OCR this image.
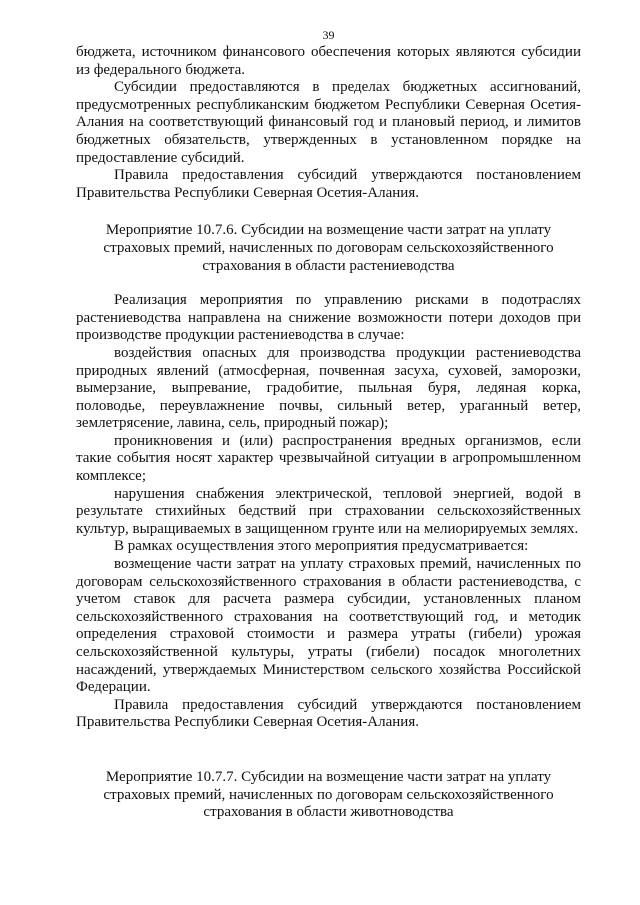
39

бюджета, источником финансового обеспечения которых являются субсидии из федерального бюджета.

Субсидии предоставляются в пределах бюджетных ассигнований, предусмотренных республиканским бюджетом Республики Северная Осетия-Алания на соответствующий финансовый год и плановый период, и лимитов бюджетных обязательств, утвержденных в установленном порядке на предоставление субсидий.

Правила предоставления субсидий утверждаются постановлением Правительства Республики Северная Осетия-Алания.

Мероприятие 10.7.6. Субсидии на возмещение части затрат на уплату страховых премий, начисленных по договорам сельскохозяйственного страхования в области растениеводства

Реализация мероприятия по управлению рисками в подотраслях растениеводства направлена на снижение возможности потери доходов при производстве продукции растениеводства в случае:

воздействия опасных для производства продукции растениеводства природных явлений (атмосферная, почвенная засуха, суховей, заморозки, вымерзание, выпревание, градобитие, пыльная буря, ледяная корка, половодье, переувлажнение почвы, сильный ветер, ураганный ветер, землетрясение, лавина, сель, природный пожар);

проникновения и (или) распространения вредных организмов, если такие события носят характер чрезвычайной ситуации в агропромышленном комплексе;

нарушения снабжения электрической, тепловой энергией, водой в результате стихийных бедствий при страховании сельскохозяйственных культур, выращиваемых в защищенном грунте или на мелиорируемых землях.

В рамках осуществления этого мероприятия предусматривается:

возмещение части затрат на уплату страховых премий, начисленных по договорам сельскохозяйственного страхования в области растениеводства, с учетом ставок для расчета размера субсидии, установленных планом сельскохозяйственного страхования на соответствующий год, и методик определения страховой стоимости и размера утраты (гибели) урожая сельскохозяйственной культуры, утраты (гибели) посадок многолетних насаждений, утверждаемых Министерством сельского хозяйства Российской Федерации.

Правила предоставления субсидий утверждаются постановлением Правительства Республики Северная Осетия-Алания.

Мероприятие 10.7.7. Субсидии на возмещение части затрат на уплату страховых премий, начисленных по договорам сельскохозяйственного страхования в области животноводства
